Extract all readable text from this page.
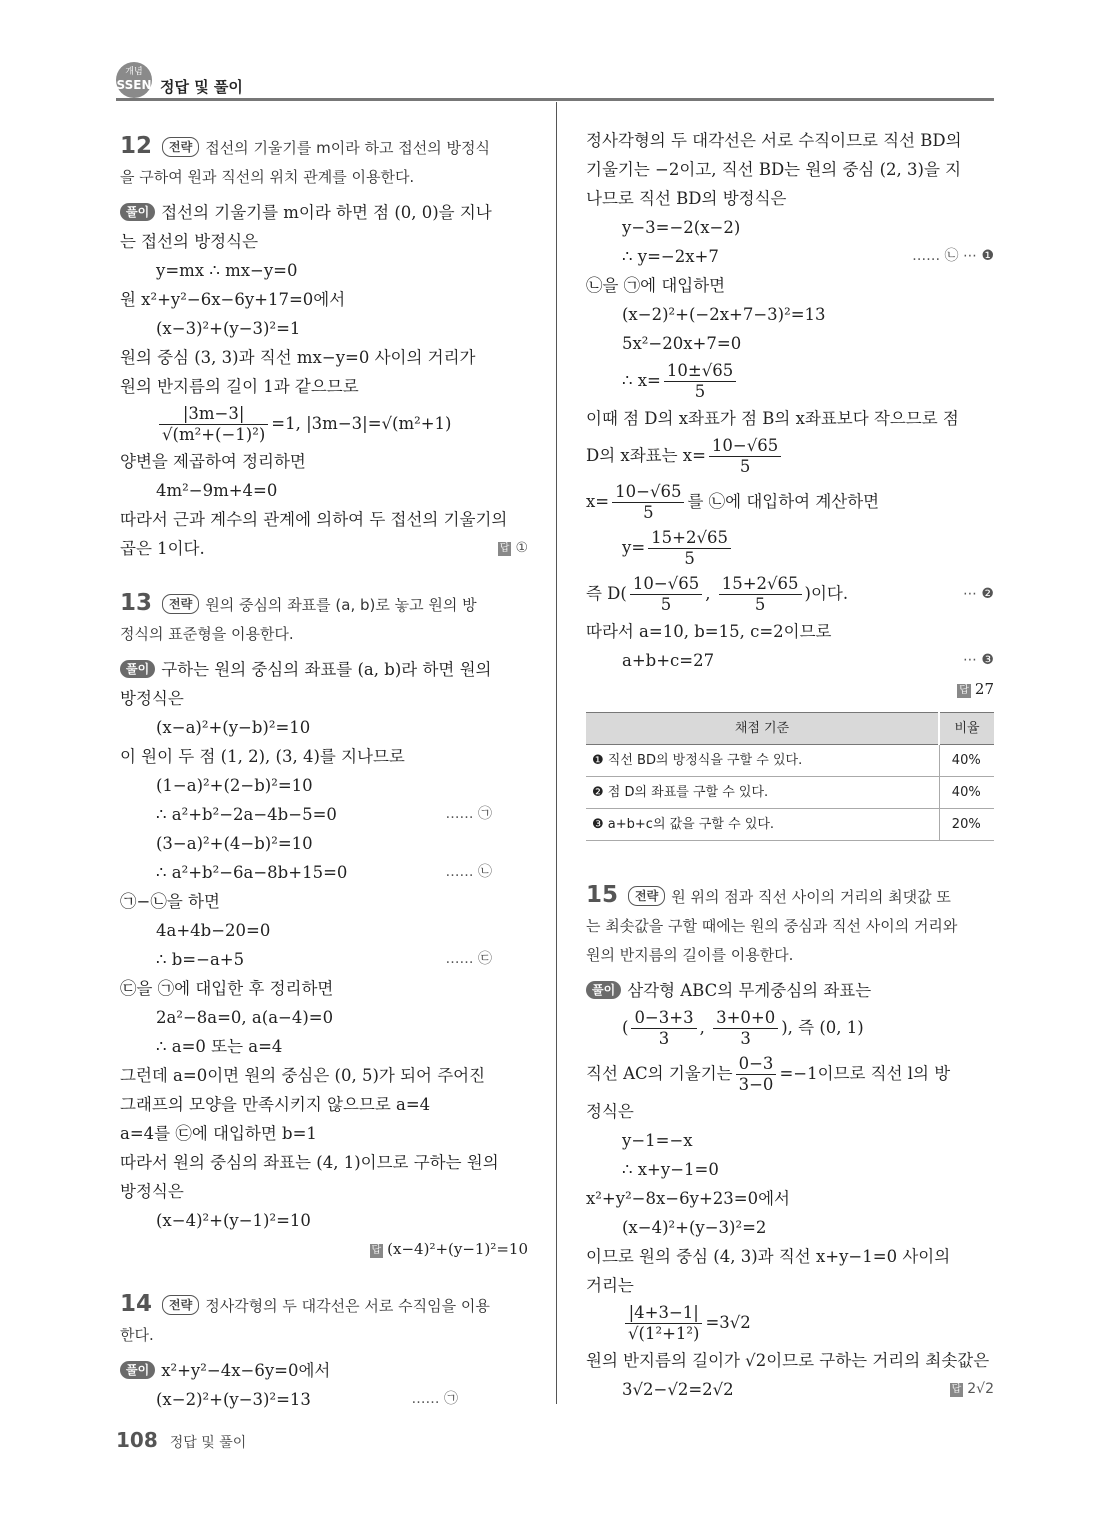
개념
SSEN 정답 및 풀이
12 전략 접선의 기울기를 m이라 하고 접선의 방정식
을 구하여 원과 직선의 위치 관계를 이용한다.
풀이 접선의 기울기를 m이라 하면 점 (0, 0)을 지나
는 접선의 방정식은
y=mx ∴ mx−y=0
원 x²+y²−6x−6y+17=0에서
(x−3)²+(y−3)²=1
원의 중심 (3, 3)과 직선 mx−y=0 사이의 거리가
원의 반지름의 길이 1과 같으므로
$\frac{|3m-3|}{\text{√(m²+(−1)²)}} =1$, |3m−3|=√(m²+1)
양변을 제곱하여 정리하면
4m²−9m+4=0
따라서 근과 계수의 관계에 의하여 두 접선의 기울기의
곱은 1이다.	답 ①
13 전략 원의 중심의 좌표를 (a, b)로 놓고 원의 방
정식의 표준형을 이용한다.
풀이 구하는 원의 중심의 좌표를 (a, b)라 하면 원의
방정식은
(x−a)²+(y−b)²=10
이 원이 두 점 (1, 2), (3, 4)를 지나므로
(1−a)²+(2−b)²=10
∴ a²+b²−2a−4b−5=0	…… ㉠
(3−a)²+(4−b)²=10
∴ a²+b²−6a−8b+15=0	…… ㉡
㉠−㉡을 하면
4a+4b−20=0
∴ b=−a+5	…… ㉢
㉢을 ㉠에 대입한 후 정리하면
2a²−8a=0, a(a−4)=0
∴ a=0 또는 a=4
그런데 a=0이면 원의 중심은 (0, 5)가 되어 주어진
그래프의 모양을 만족시키지 않으므로 a=4
a=4를 ㉢에 대입하면 b=1
따라서 원의 중심의 좌표는 (4, 1)이므로 구하는 원의
방정식은
(x−4)²+(y−1)²=10
답 (x−4)²+(y−1)²=10
14 전략 정사각형의 두 대각선은 서로 수직임을 이용
한다.
풀이 x²+y²−4x−6y=0에서
(x−2)²+(y−3)²=13	…… ㉠
정사각형의 두 대각선은 서로 수직이므로 직선 BD의
기울기는 −2이고, 직선 BD는 원의 중심 (2, 3)을 지
나므로 직선 BD의 방정식은
y−3=−2(x−2)
∴ y=−2x+7	…… ㉡ ⋯ ❶
㉡을 ㉠에 대입하면
(x−2)²+(−2x+7−3)²=13
5x²−20x+7=0
∴ $x= \frac{10\pm√65}{5}$
이때 점 D의 x좌표가 점 B의 x좌표보다 작으므로 점
D의 x좌표는 $x= \frac{10-√65}{5}$
$x= \frac{10-√65}{5}$ 를 ㉡에 대입하여 계산하면
$y= \frac{15+2√65}{5}$
즉 $D( \frac{10-√65}{5}$ , $\frac{15+2√65}{5}$ )이다.	⋯ ❷
따라서 a=10, b=15, c=2이므로
a+b+c=27	⋯ ❸
답 27
채점 기준	비율
❶ 직선 BD의 방정식을 구할 수 있다.	40%
❷ 점 D의 좌표를 구할 수 있다.	40%
❸ a+b+c의 값을 구할 수 있다.	20%
15 전략 원 위의 점과 직선 사이의 거리의 최댓값 또
는 최솟값을 구할 때에는 원의 중심과 직선 사이의 거리와
원의 반지름의 길이를 이용한다.
풀이 삼각형 ABC의 무게중심의 좌표는
( $\frac{0-3+3}{3}$ , $\frac{3+0+0}{3}$ ), 즉 (0, 1)
직선 AC의 기울기는 $\frac{0-3}{3-0} =-1$이므로 직선 l의 방
정식은
y−1=−x
∴ x+y−1=0
x²+y²−8x−6y+23=0에서
(x−4)²+(y−3)²=2
이므로 원의 중심 (4, 3)과 직선 x+y−1=0 사이의
거리는
$\frac{|4+3-1|}{\text{√(1²+1²)}} =3√2$
원의 반지름의 길이가 √2이므로 구하는 거리의 최솟값은
3√2−√2=2√2	답 2√2
108 정답 및 풀이
